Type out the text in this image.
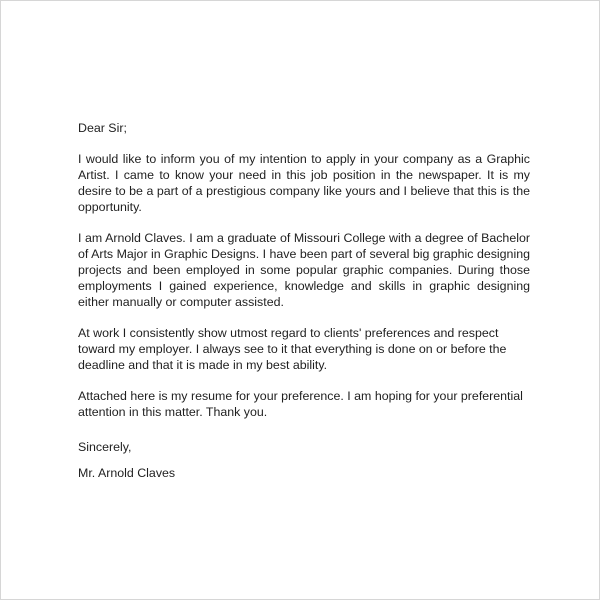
Dear Sir;

I would like to inform you of my intention to apply in your company as a Graphic Artist. I came to know your need in this job position in the newspaper. It is my desire to be a part of a prestigious company like yours and I believe that this is the opportunity.

I am Arnold Claves. I am a graduate of Missouri College with a degree of Bachelor of Arts Major in Graphic Designs. I have been part of several big graphic designing projects and been employed in some popular graphic companies. During those employments I gained experience, knowledge and skills in graphic designing either manually or computer assisted.

At work I consistently show utmost regard to clients' preferences and respect toward my employer. I always see to it that everything is done on or before the deadline and that it is made in my best ability.

Attached here is my resume for your preference. I am hoping for your preferential attention in this matter. Thank you.

Sincerely,

Mr. Arnold Claves
